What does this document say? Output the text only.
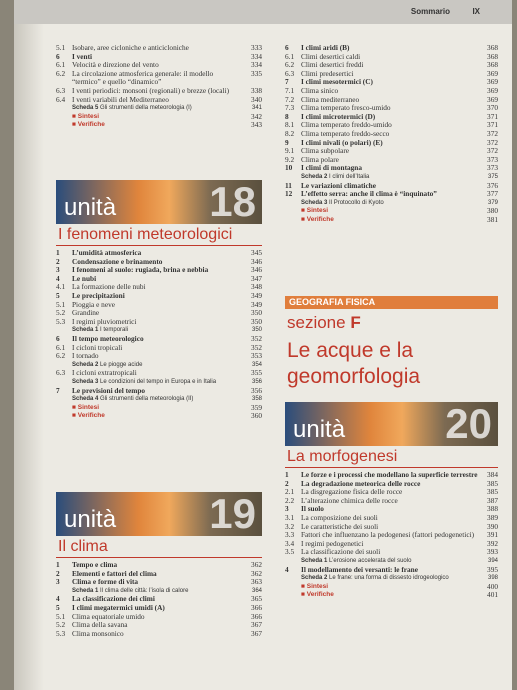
Sommario	IX
5.1 Isobare, aree cicloniche e anticicloniche	333
6	I venti	334
6.1 Velocità e direzione del vento	334
6.2 La circolazione atmosferica generale: il modello “termico” e quello “dinamico”
335
6.3 I venti periodici: monsoni (regionali) e brezze (locali)	338
6.4 I venti variabili del Mediterraneo	340
Scheda 5 Gli strumenti della meteorologia (I)	341
■ Sintesi	342
■ Verifiche	343
unità 18
I fenomeni meteorologici
1	L’umidità atmosferica	345
2	Condensazione e brinamento	346
3	I fenomeni al suolo: rugiada, brina e nebbia	346
4	Le nubi	347
4.1 La formazione delle nubi	348
5	Le precipitazioni	349
5.1 Pioggia e neve	349
5.2 Grandine	350
5.3 I regimi pluviometrici	350
Scheda 1 I temporali	350
6	Il tempo meteorologico	352
6.1 I cicloni tropicali	352
6.2 I tornado	353
Scheda 2 Le piogge acide	354
6.3 I cicloni extratropicali	355
Scheda 3 Le condizioni del tempo in Europa e in Italia	356
7	Le previsioni del tempo	356
Scheda 4 Gli strumenti della meteorologia (II)	358
■ Sintesi	359
■ Verifiche	360
unità 19
Il clima
1	Tempo e clima	362
2	Elementi e fattori del clima	362
3	Clima e forme di vita	363
Scheda 1 Il clima delle città: l’isola di calore	364
4	La classificazione dei climi	365
5	I climi megatermici umidi (A)	366
5.1 Clima equatoriale umido	366
5.2 Clima della savana	367
5.3 Clima monsonico	367
6	I climi aridi (B)	368
6.1 Climi desertici caldi	368
6.2 Climi desertici freddi	368
6.3 Climi predesertici	369
7	I climi mesotermici (C)	369
7.1 Clima sinico	369
7.2 Clima mediterraneo	369
7.3 Clima temperato fresco-umido	370
8	I climi microtermici (D)	371
8.1 Clima temperato freddo-umido	371
8.2 Clima temperato freddo-secco	372
9	I climi nivali (o polari) (E)	372
9.1 Clima subpolare	372
9.2 Clima polare	373
10	I climi di montagna	373
Scheda 2 I climi dell’Italia	375
11	Le variazioni climatiche	376
12	L’effetto serra: anche il clima è “inquinato”	377
Scheda 3 Il Protocollo di Kyoto	379
■ Sintesi	380
■ Verifiche	381
GEOGRAFIA FISICA
sezione F
Le acque e la geomorfologia
unità 20
La morfogenesi
1	Le forze e i processi che modellano la superficie terrestre	384
2	La degradazione meteorica delle rocce	385
2.1 La disgregazione fisica delle rocce	385
2.2 L’alterazione chimica delle rocce	387
3	Il suolo	388
3.1 La composizione dei suoli	389
3.2 Le caratteristiche dei suoli	390
3.3 Fattori che influenzano la pedogenesi (fattori pedogenetici)	391
3.4 I regimi pedogenetici	392
3.5 La classificazione dei suoli	393
Scheda 1 L’erosione accelerata del suolo	394
4	Il modellamento dei versanti: le frane	395
Scheda 2 Le frane: una forma di dissesto idrogeologico	398
■ Sintesi	400
■ Verifiche	401
